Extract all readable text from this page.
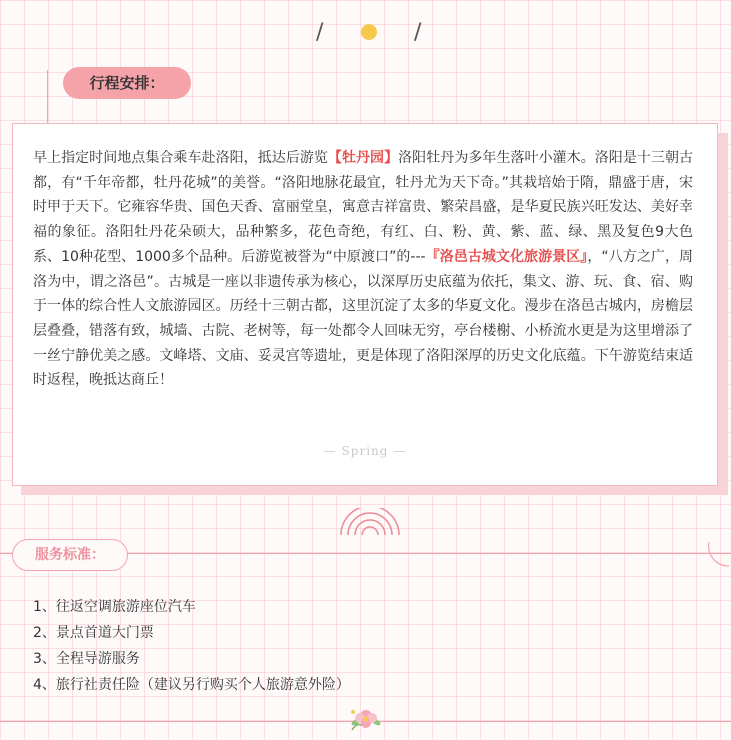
/	/
行程安排：
早上指定时间地点集合乘车赴洛阳，抵达后游览【牡丹园】洛阳牡丹为多年生落叶小灌木。洛阳是十三朝古都，有“千年帝都，牡丹花城”的美誉。“洛阳地脉花最宜，牡丹尤为天下奇。”其栽培始于隋，鼎盛于唐，宋时甲于天下。它雍容华贵、国色天香、富丽堂皇，寓意吉祥富贵、繁荣昌盛，是华夏民族兴旺发达、美好幸福的象征。洛阳牡丹花朵硕大，品种繁多，花色奇绝，有红、白、粉、黄、紫、蓝、绿、黑及复色9大色系、10种花型、1000多个品种。后游览被誉为“中原渡口”的---『洛邑古城文化旅游景区』，“八方之广，周洛为中，谓之洛邑”。古城是一座以非遗传承为核心，以深厚历史底蕴为依托，集文、游、玩、食、宿、购于一体的综合性人文旅游园区。历经十三朝古都，这里沉淀了太多的华夏文化。漫步在洛邑古城内，房檐层层叠叠，错落有致，城墙、古院、老树等，每一处都令人回味无穷，亭台楼榭、小桥流水更是为这里增添了一丝宁静优美之感。文峰塔、文庙、妥灵宫等遗址，更是体现了洛阳深厚的历史文化底蕴。下午游览结束适时返程，晚抵达商丘！
— Spring —
服务标准：
1、往返空调旅游座位汽车
2、景点首道大门票
3、全程导游服务
4、旅行社责任险（建议另行购买个人旅游意外险）
